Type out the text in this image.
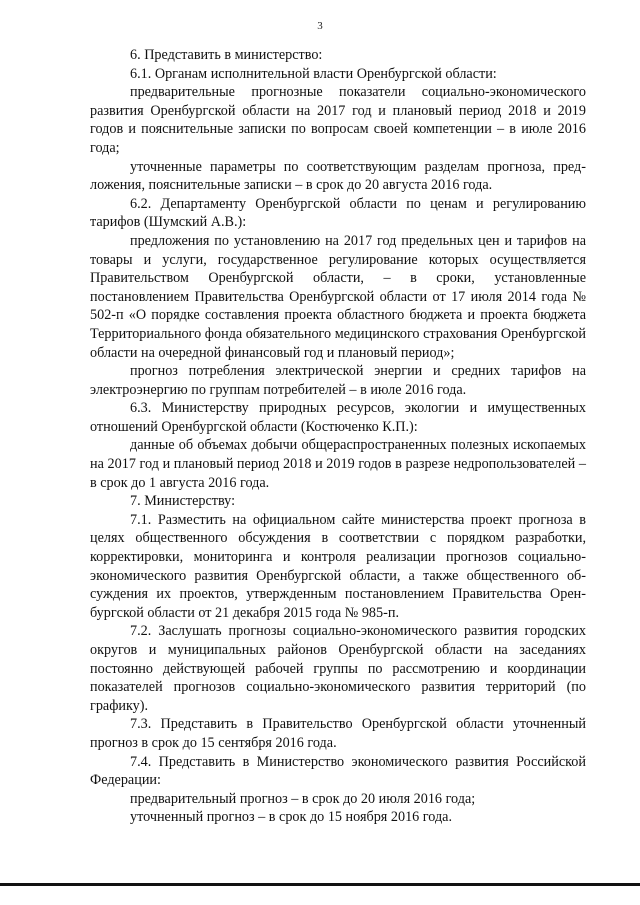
3

6. Представить в министерство:

6.1. Органам исполнительной власти Оренбургской области:

предварительные прогнозные показатели социально-экономического развития Оренбургской области на 2017 год и плановый период 2018 и 2019 годов и пояснительные записки по вопросам своей компетенции – в июле 2016 года;

уточненные параметры по соответствующим разделам прогноза, предложения, пояснительные записки – в срок до 20 августа 2016 года.

6.2. Департаменту Оренбургской области по ценам и регулированию тарифов (Шумский А.В.):

предложения по установлению на 2017 год предельных цен и тарифов на товары и услуги, государственное регулирование которых осуществляется Правительством Оренбургской области, – в сроки, установленные постановлением Правительства Оренбургской области от 17 июля 2014 года № 502-п «О порядке составления проекта областного бюджета и проекта бюджета Территориального фонда обязательного медицинского страхования Оренбургской области на очередной финансовый год и плановый период»;

прогноз потребления электрической энергии и средних тарифов на электроэнергию по группам потребителей – в июле 2016 года.

6.3. Министерству природных ресурсов, экологии и имущественных отношений Оренбургской области (Костюченко К.П.):

данные об объемах добычи общераспространенных полезных ископаемых на 2017 год и плановый период 2018 и 2019 годов в разрезе недропользователей – в срок до 1 августа 2016 года.

7. Министерству:

7.1. Разместить на официальном сайте министерства проект прогноза в целях общественного обсуждения в соответствии с порядком разработки, корректировки, мониторинга и контроля реализации прогнозов социально-экономического развития Оренбургской области, а также общественного обсуждения их проектов, утвержденным постановлением Правительства Оренбургской области от 21 декабря 2015 года № 985-п.

7.2. Заслушать прогнозы социально-экономического развития городских округов и муниципальных районов Оренбургской области на заседаниях постоянно действующей рабочей группы по рассмотрению и координации показателей прогнозов социально-экономического развития территорий (по графику).

7.3. Представить в Правительство Оренбургской области уточненный прогноз в срок до 15 сентября 2016 года.

7.4. Представить в Министерство экономического развития Российской Федерации:

предварительный прогноз – в срок до 20 июля 2016 года;

уточненный прогноз – в срок до 15 ноября 2016 года.
